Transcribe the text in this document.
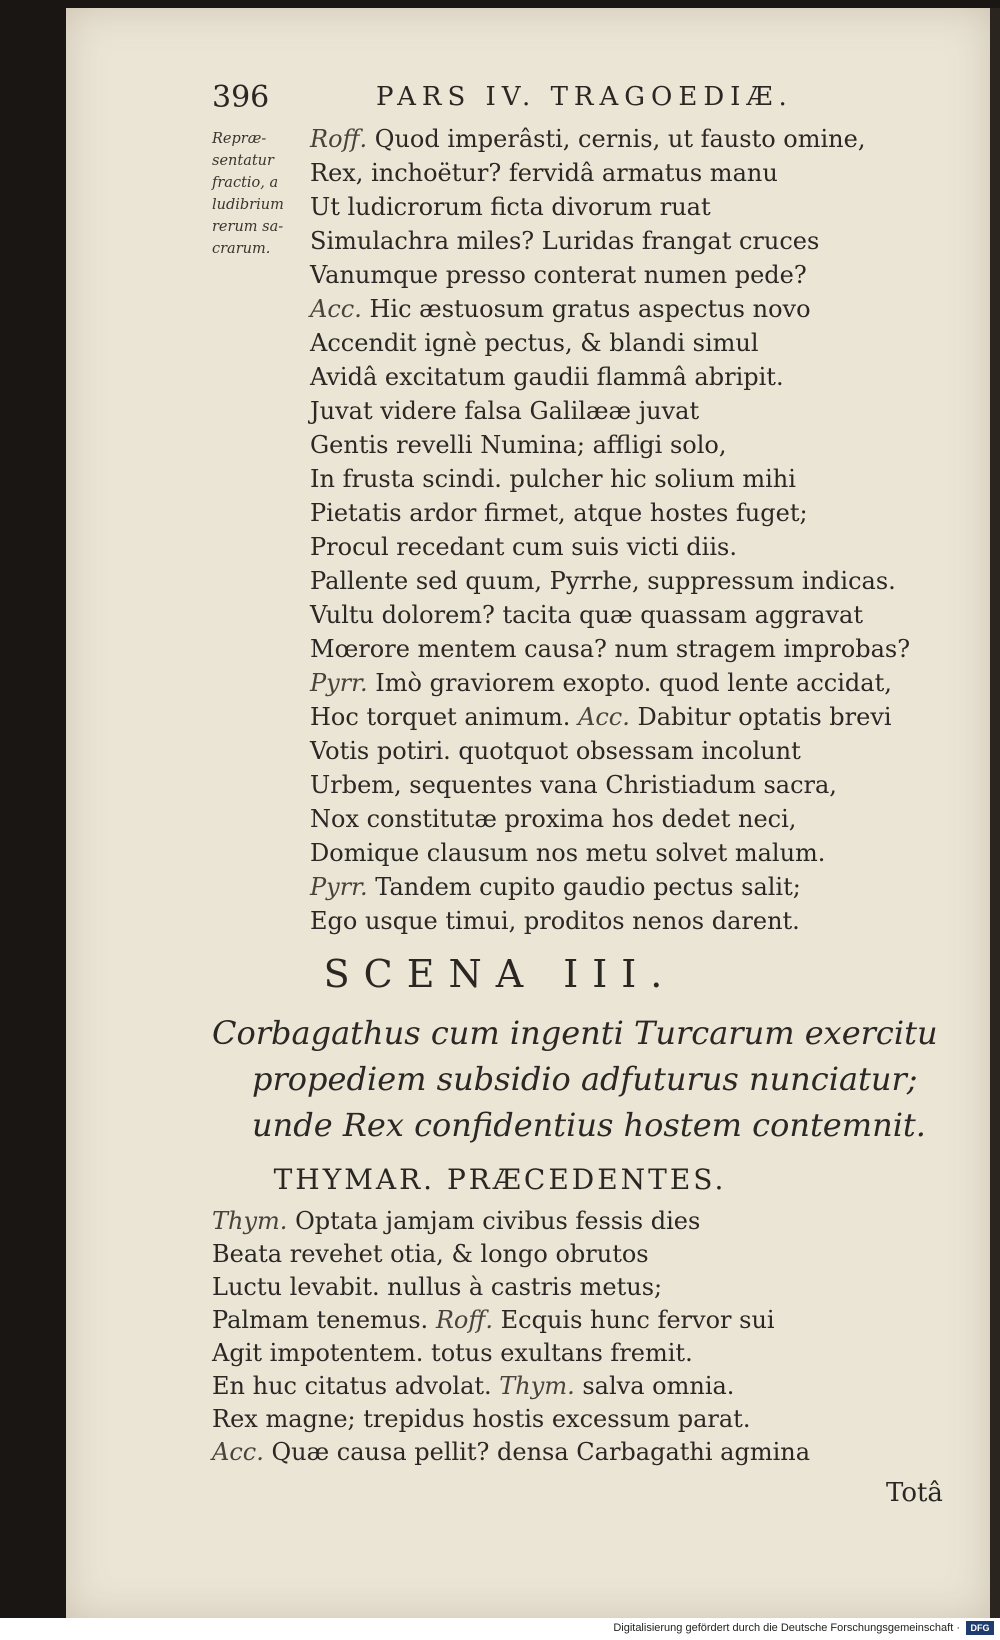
396	PARS IV. TRAGOEDIÆ.
Repræ-
sentatur
fractio, a
ludibrium
rerum sa-
crarum.
Roff. Quod imperâsti, cernis, ut fausto omine,
Rex, inchoëtur? fervidâ armatus manu
Ut ludicrorum ficta divorum ruat
Simulachra miles? Luridas frangat cruces
Vanumque presso conterat numen pede?
Acc. Hic æstuosum gratus aspectus novo
Accendit ignè pectus, & blandi simul
Avidâ excitatum gaudii flammâ abripit.
Juvat videre falsa Galilææ juvat
Gentis revelli Numina; affligi solo,
In frusta scindi. pulcher hic solium mihi
Pietatis ardor firmet, atque hostes fuget;
Procul recedant cum suis victi diis.
Pallente sed quum, Pyrrhe, suppressum indicas.
Vultu dolorem? tacita quæ quassam aggravat
Mœrore mentem causa? num stragem improbas?
Pyrr. Imò graviorem exopto. quod lente accidat,
Hoc torquet animum. Acc. Dabitur optatis brevi
Votis potiri. quotquot obsessam incolunt
Urbem, sequentes vana Christiadum sacra,
Nox constitutæ proxima hos dedet neci,
Domique clausum nos metu solvet malum.
Pyrr. Tandem cupito gaudio pectus salit;
Ego usque timui, proditos nenos darent.
SCENA III.
Corbagathus cum ingenti Turcarum exercitu
propediem subsidio adfuturus nunciatur;
unde Rex confidentius hostem contemnit.
THYMAR. PRÆCEDENTES.
Thym. Optata jamjam civibus fessis dies
Beata revehet otia, & longo obrutos
Luctu levabit. nullus à castris metus;
Palmam tenemus. Roff. Ecquis hunc fervor sui
Agit impotentem. totus exultans fremit.
En huc citatus advolat. Thym. salva omnia.
Rex magne; trepidus hostis excessum parat.
Acc. Quæ causa pellit? densa Carbagathi agmina
Totâ
Digitalisierung gefördert durch die Deutsche Forschungsgemeinschaft ·	DFG
